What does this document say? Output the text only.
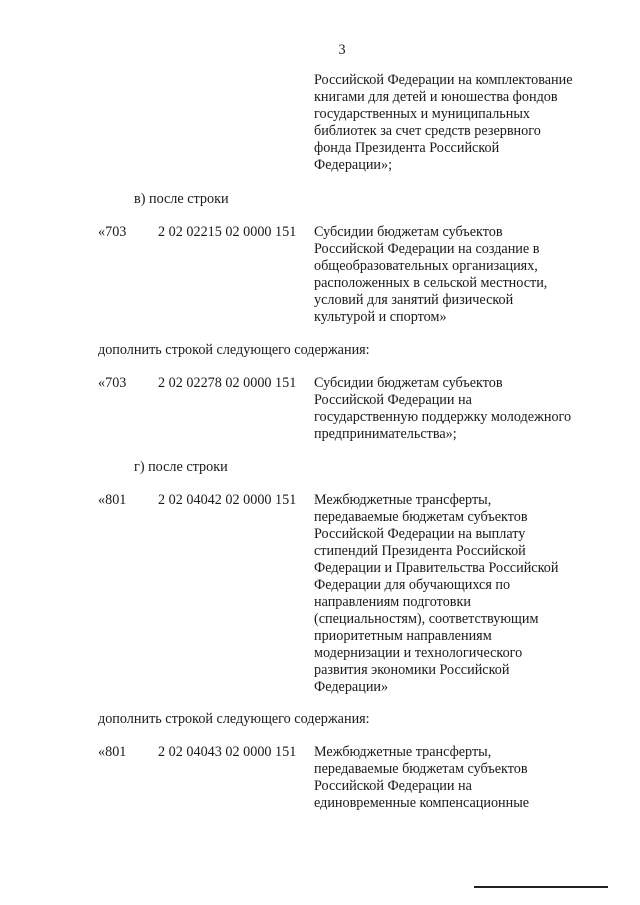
3
Российской Федерации на комплектование
книгами для детей и юношества фондов
государственных и муниципальных
библиотек за счет средств резервного
фонда Президента Российской
Федерации»;
в) после строки
«703 2 02 02215 02 0000 151 Субсидии бюджетам субъектов
Российской Федерации на создание в
общеобразовательных организациях,
расположенных в сельской местности,
условий для занятий физической
культурой и спортом»
дополнить строкой следующего содержания:
«703 2 02 02278 02 0000 151 Субсидии бюджетам субъектов
Российской Федерации на
государственную поддержку молодежного
предпринимательства»;
г) после строки
«801 2 02 04042 02 0000 151 Межбюджетные трансферты,
передаваемые бюджетам субъектов
Российской Федерации на выплату
стипендий Президента Российской
Федерации и Правительства Российской
Федерации для обучающихся по
направлениям подготовки
(специальностям), соответствующим
приоритетным направлениям
модернизации и технологического
развития экономики Российской
Федерации»
дополнить строкой следующего содержания:
«801 2 02 04043 02 0000 151 Межбюджетные трансферты,
передаваемые бюджетам субъектов
Российской Федерации на
единовременные компенсационные
